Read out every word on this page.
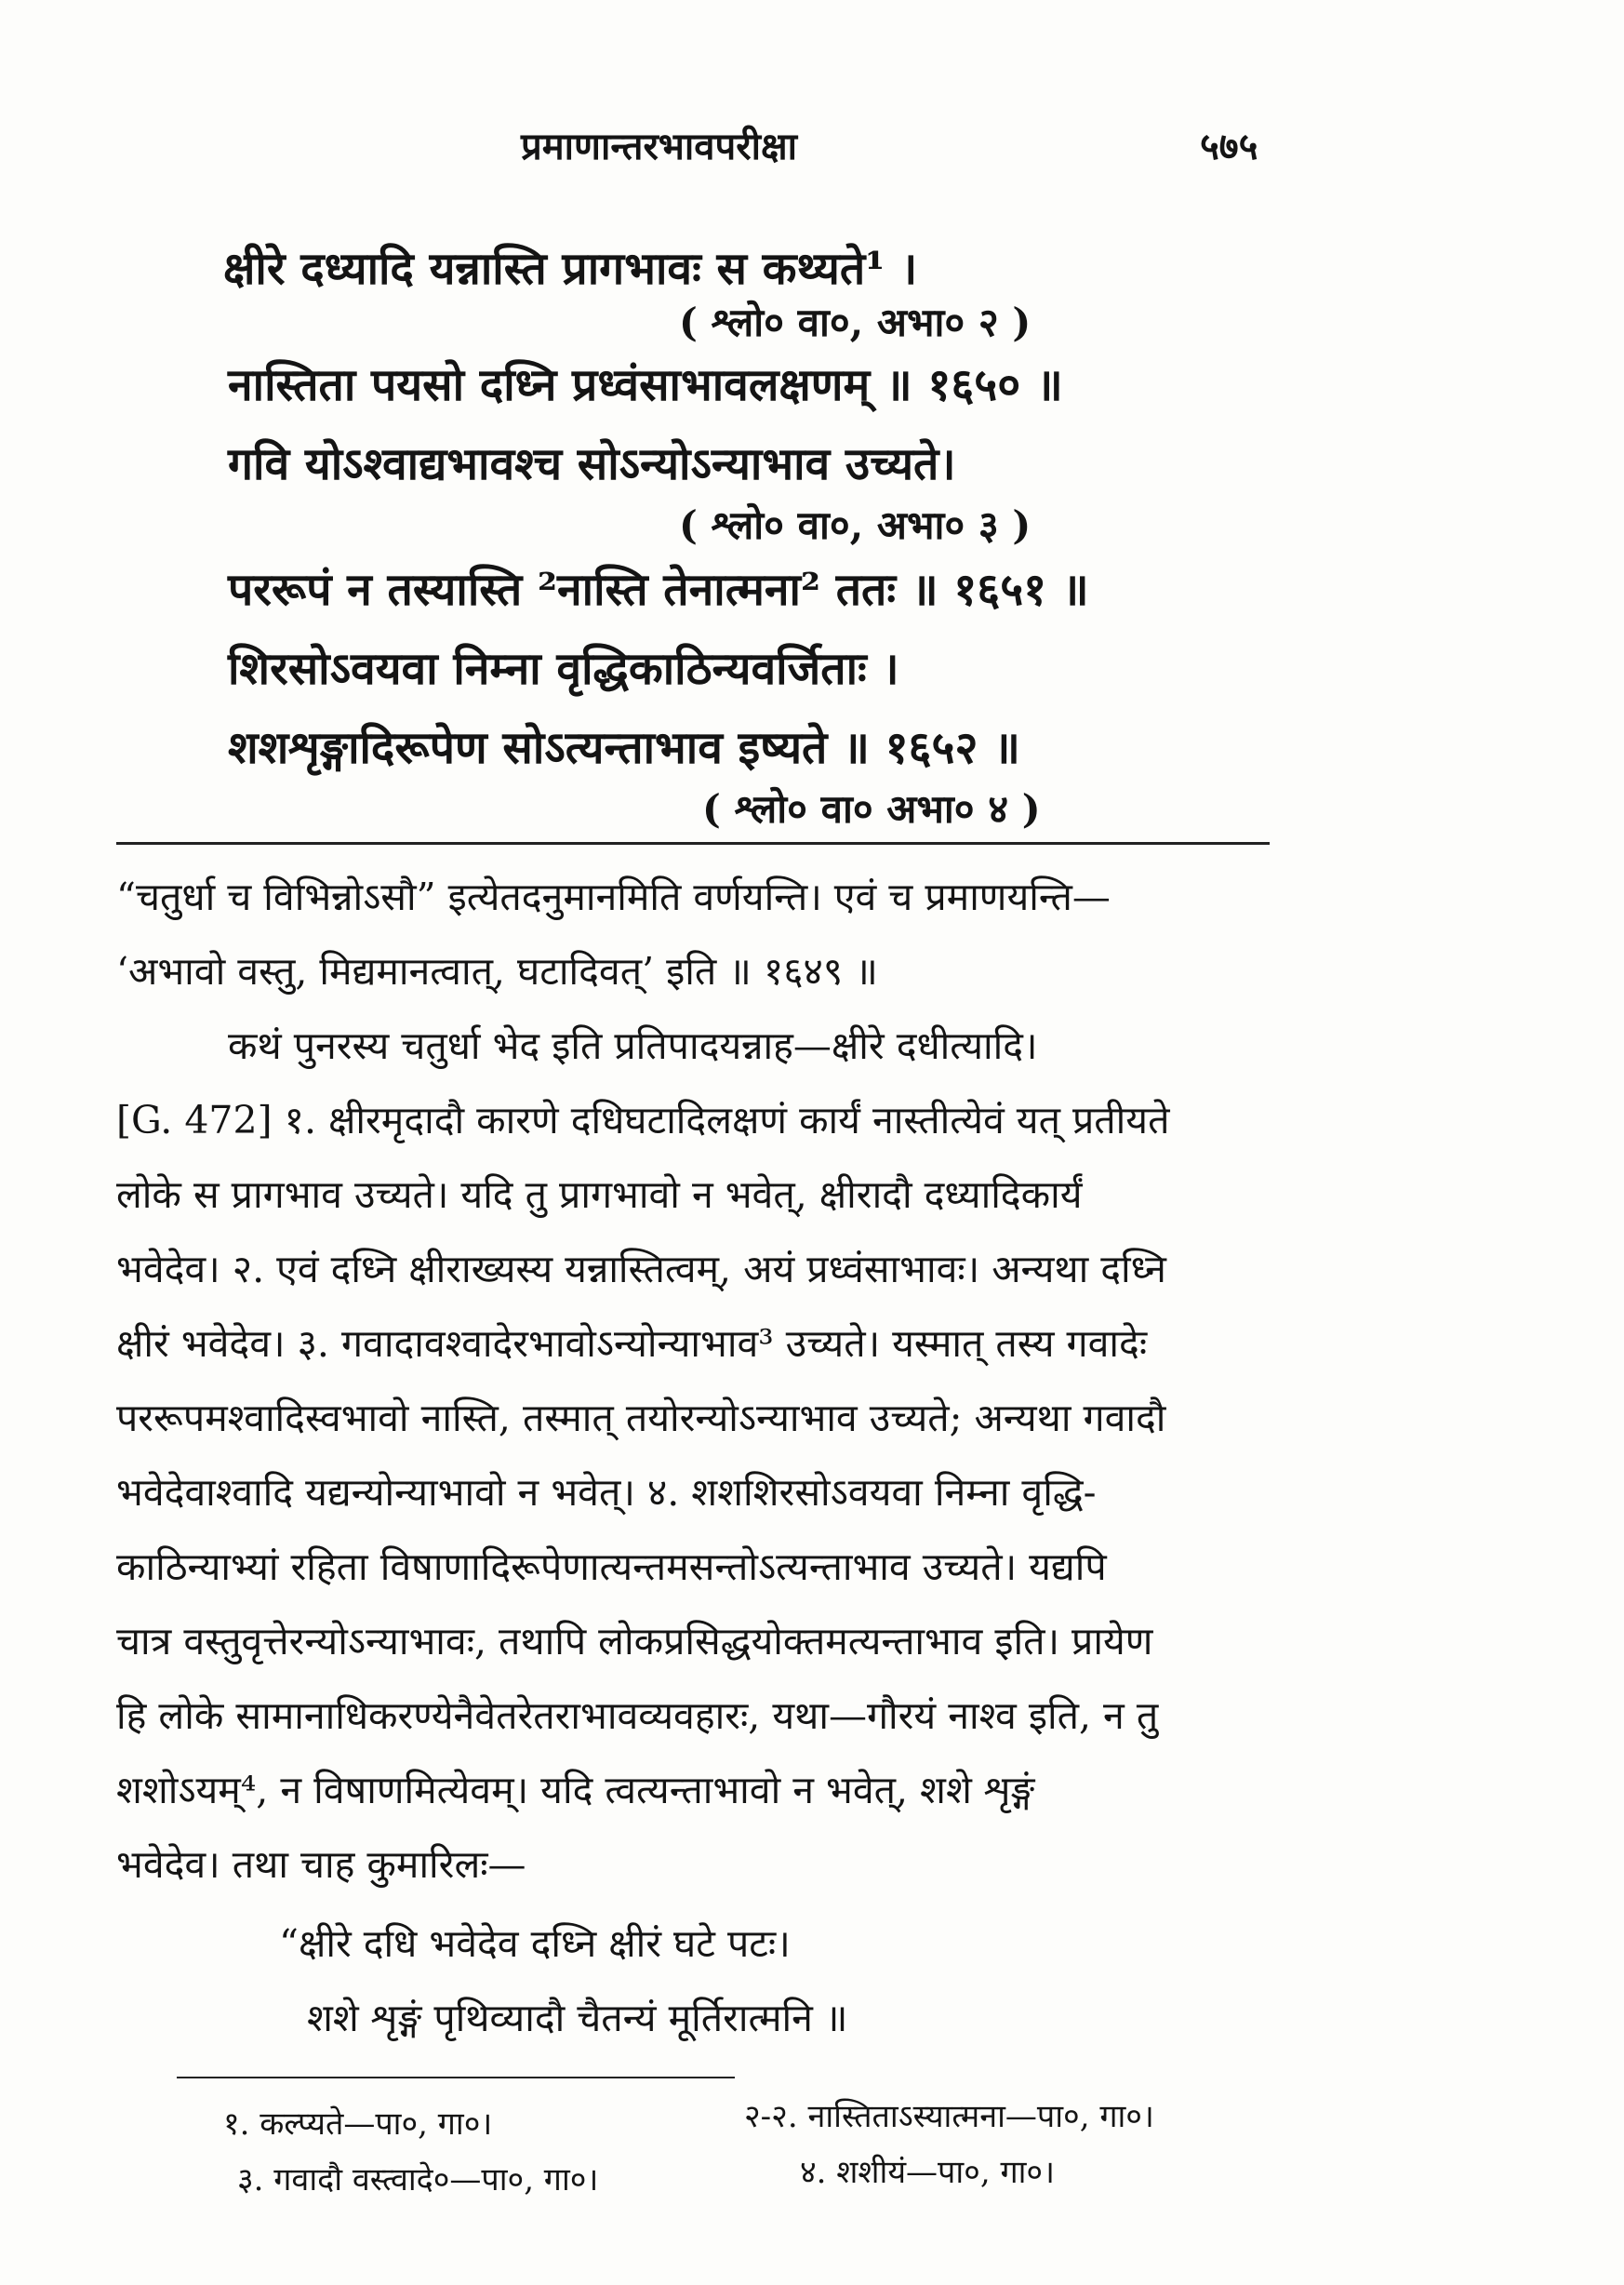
प्रमाणान्तरभावपरीक्षा	५७५
क्षीरे दध्यादि यन्नास्ति प्रागभावः स कथ्यते¹ ।
( श्लो० वा०, अभा० २ )
नास्तिता पयसो दध्नि प्रध्वंसाभावलक्षणम् ॥ १६५० ॥
गवि योऽश्वाद्यभावश्च सोऽन्योऽन्याभाव उच्यते।
( श्लो० वा०, अभा० ३ )
पररूपं न तस्यास्ति ²नास्ति तेनात्मना² ततः ॥ १६५१ ॥
शिरसोऽवयवा निम्ना वृद्धिकाठिन्यवर्जिताः ।
शशशृङ्गादिरूपेण सोऽत्यन्ताभाव इष्यते ॥ १६५२ ॥
( श्लो० वा० अभा० ४ )
“चतुर्धा च विभिन्नोऽसौ” इत्येतदनुमानमिति वर्णयन्ति। एवं च प्रमाणयन्ति—
‘अभावो वस्तु, मिद्यमानत्वात्, घटादिवत्’ इति ॥ १६४९ ॥
कथं पुनरस्य चतुर्धा भेद इति प्रतिपादयन्नाह—क्षीरे दधीत्यादि।
[G. 472] १. क्षीरमृदादौ कारणे दधिघटादिलक्षणं कार्यं नास्तीत्येवं यत् प्रतीयते
लोके स प्रागभाव उच्यते। यदि तु प्रागभावो न भवेत्, क्षीरादौ दध्यादिकार्यं
भवेदेव। २. एवं दध्नि क्षीराख्यस्य यन्नास्तित्वम्, अयं प्रध्वंसाभावः। अन्यथा दध्नि
क्षीरं भवेदेव। ३. गवादावश्वादेरभावोऽन्योन्याभाव³ उच्यते। यस्मात् तस्य गवादेः
पररूपमश्वादिस्वभावो नास्ति, तस्मात् तयोरन्योऽन्याभाव उच्यते; अन्यथा गवादौ
भवेदेवाश्वादि यद्यन्योन्याभावो न भवेत्। ४. शशशिरसोऽवयवा निम्ना वृद्धि-
काठिन्याभ्यां रहिता विषाणादिरूपेणात्यन्तमसन्तोऽत्यन्ताभाव उच्यते। यद्यपि
चात्र वस्तुवृत्तेरन्योऽन्याभावः, तथापि लोकप्रसिद्धयोक्तमत्यन्ताभाव इति। प्रायेण
हि लोके सामानाधिकरण्येनैवेतरेतराभावव्यवहारः, यथा—गौरयं नाश्व इति, न तु
शशोऽयम्⁴, न विषाणमित्येवम्। यदि त्वत्यन्ताभावो न भवेत्, शशे शृङ्गं
भवेदेव। तथा चाह कुमारिलः—
“क्षीरे दधि भवेदेव दध्नि क्षीरं घटे पटः।
शशे शृङ्गं पृथिव्यादौ चैतन्यं मूर्तिरात्मनि ॥
१. कल्प्यते—पा०, गा०।	२-२. नास्तिताऽस्यात्मना—पा०, गा०।
३. गवादौ वस्त्वादे०—पा०, गा०।	४. शशीयं—पा०, गा०।
